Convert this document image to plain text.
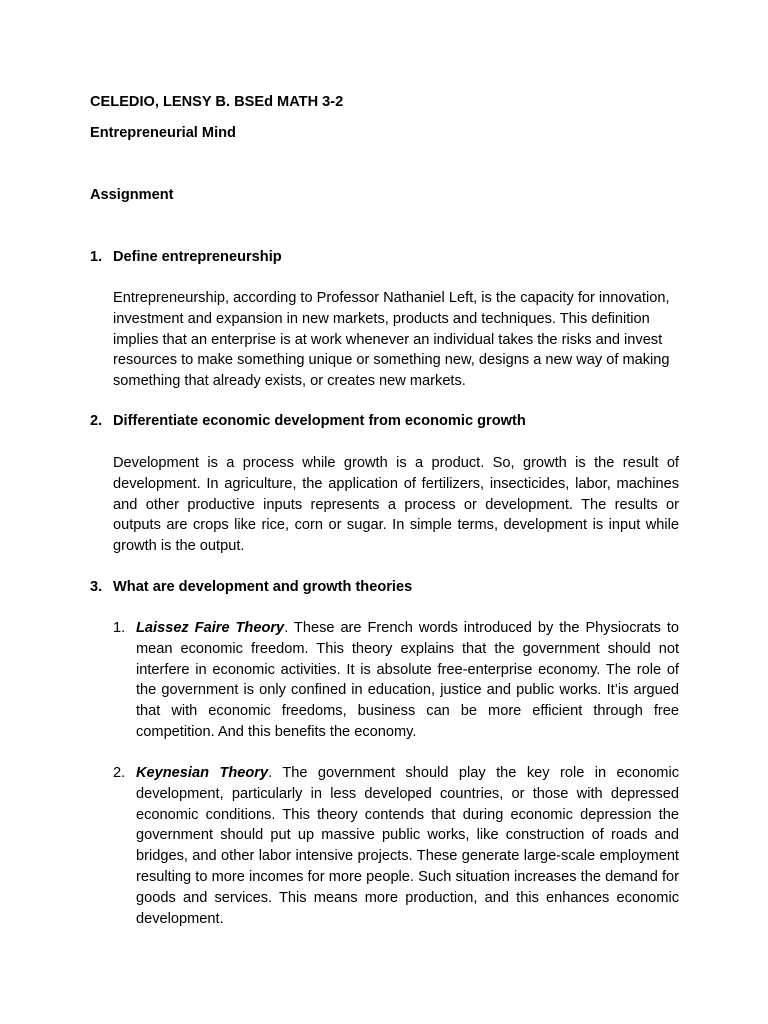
CELEDIO, LENSY B. BSEd MATH 3-2
Entrepreneurial Mind
Assignment
1. Define entrepreneurship

Entrepreneurship, according to Professor Nathaniel Left, is the capacity for innovation, investment and expansion in new markets, products and techniques. This definition implies that an enterprise is at work whenever an individual takes the risks and invest resources to make something unique or something new, designs a new way of making something that already exists, or creates new markets.

2. Differentiate economic development from economic growth

Development is a process while growth is a product. So, growth is the result of development. In agriculture, the application of fertilizers, insecticides, labor, machines and other productive inputs represents a process or development. The results or outputs are crops like rice, corn or sugar. In simple terms, development is input while growth is the output.

3. What are development and growth theories
1. Laissez Faire Theory. These are French words introduced by the Physiocrats to mean economic freedom. This theory explains that the government should not interfere in economic activities. It is absolute free-enterprise economy. The role of the government is only confined in education, justice and public works. It’is argued that with economic freedoms, business can be more efficient through free competition. And this benefits the economy.

2. Keynesian Theory. The government should play the key role in economic development, particularly in less developed countries, or those with depressed economic conditions. This theory contends that during economic depression the government should put up massive public works, like construction of roads and bridges, and other labor intensive projects. These generate large-scale employment resulting to more incomes for more people. Such situation increases the demand for goods and services. This means more production, and this enhances economic development.
